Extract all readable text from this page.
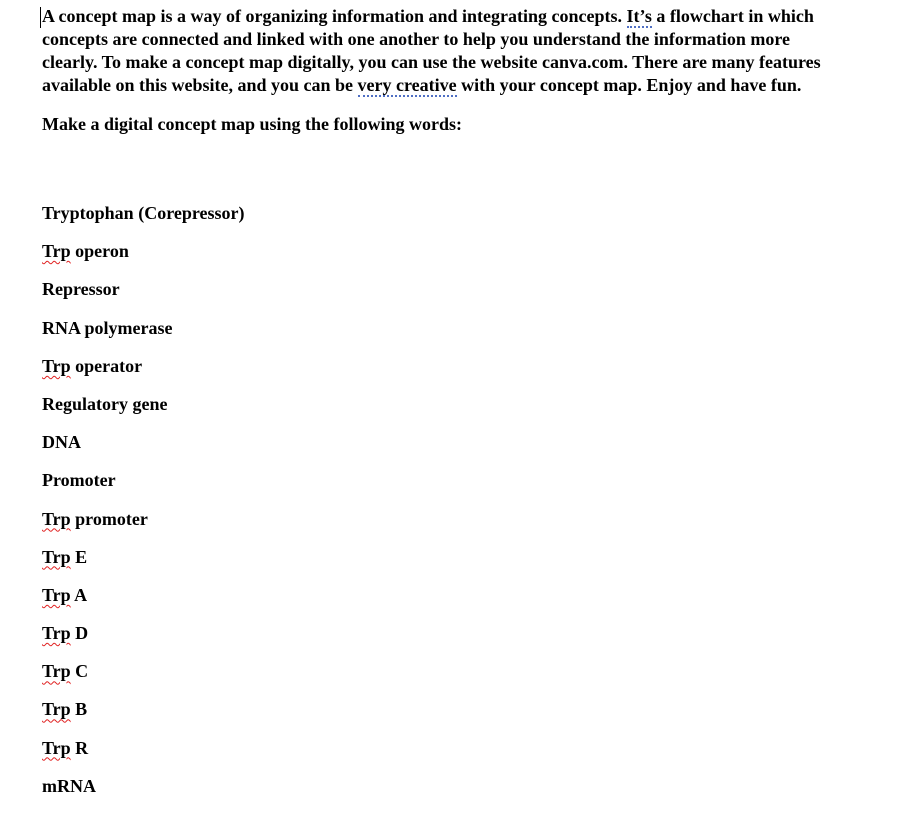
A concept map is a way of organizing information and integrating concepts. It’s a flowchart in which concepts are connected and linked with one another to help you understand the information more clearly. To make a concept map digitally, you can use the website canva.com. There are many features available on this website, and you can be very creative with your concept map. Enjoy and have fun.

Make a digital concept map using the following words:

Tryptophan (Corepressor)
Trp operon
Repressor
RNA polymerase
Trp operator
Regulatory gene
DNA
Promoter
Trp promoter
Trp E
Trp A
Trp D
Trp C
Trp B
Trp R
mRNA
